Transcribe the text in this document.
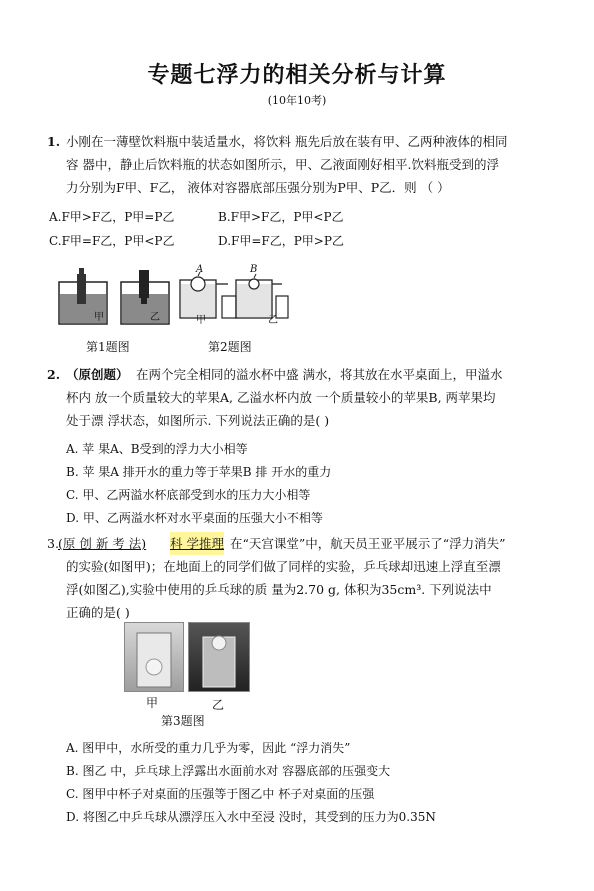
专题七浮力的相关分析与计算
(10年10考)
1. 小刚在一薄壁饮料瓶中装适量水，将饮料 瓶先后放在装有甲、乙两种液体的相同
容 器中，静止后饮料瓶的状态如图所示，甲、乙液面刚好相平.饮料瓶受到的浮
力分别为F甲、F乙， 液体对容器底部压强分别为P甲、P乙．则 （ ）
A.F甲>F乙，P甲=P乙	B.F甲>F乙，P甲<P乙
C.F甲=F乙，P甲<P乙	D.F甲=F乙，P甲>P乙
甲	乙
A	B
甲	乙
第1题图	第2题图
2. （原创题） 在两个完全相同的溢水杯中盛 满水，将其放在水平桌面上，甲溢水
杯内 放一个质量较大的苹果A, 乙溢水杯内放 一个质量较小的苹果B, 两苹果均
处于漂 浮状态，如图所示. 下列说法正确的是( )
A. 苹 果A、B受到的浮力大小相等
B. 苹 果A 排开水的重力等于苹果B 排 开水的重力
C. 甲、乙两溢水杯底部受到水的压力大小相等
D. 甲、乙两溢水杯对水平桌面的压强大小不相等
3. (原 创 新 考 法) 科 学推理 在“天宫课堂”中，航天员王亚平展示了“浮力消失”
的实验(如图甲)；在地面上的同学们做了同样的实验，乒乓球却迅速上浮直至漂
浮(如图乙),实验中使用的乒乓球的质 量为2.70 g, 体积为35cm³. 下列说法中
正确的是( )
甲	乙
第3题图
A. 图甲中，水所受的重力几乎为零，因此 “浮力消失”
B. 图乙 中，乒乓球上浮露出水面前水对 容器底部的压强变大
C. 图甲中杯子对桌面的压强等于图乙中 杯子对桌面的压强
D. 将图乙中乒乓球从漂浮压入水中至浸 没时，其受到的压力为0.35N
